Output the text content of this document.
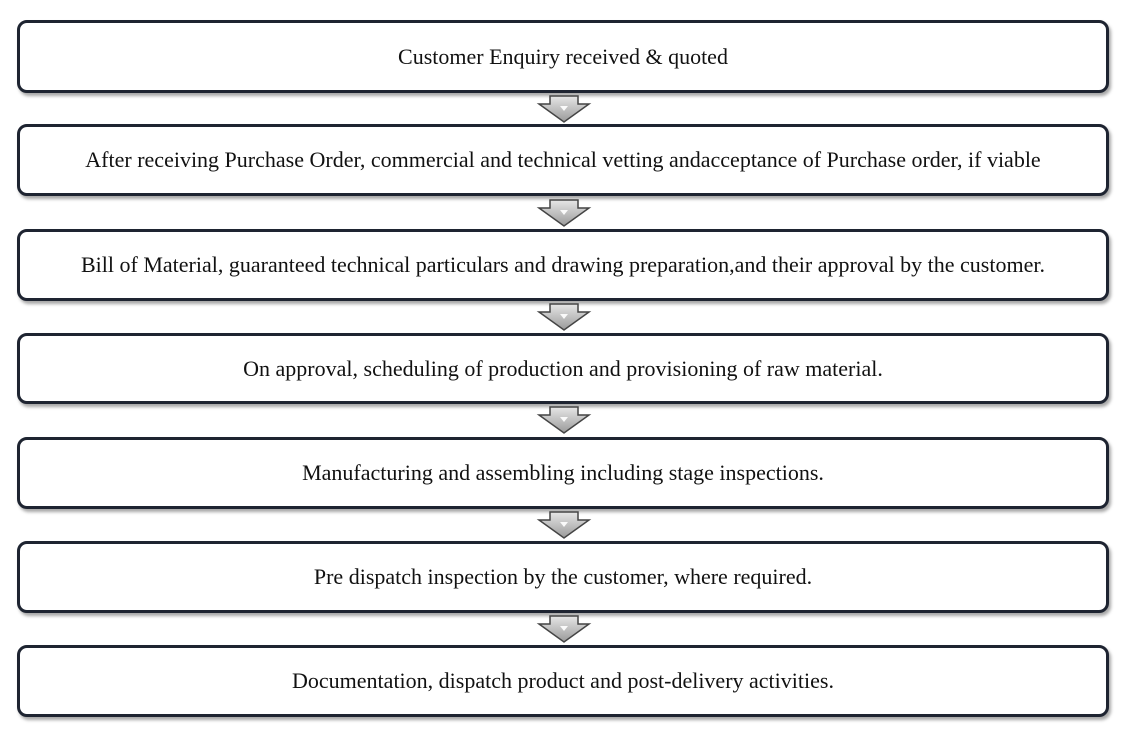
Customer Enquiry received & quoted
After receiving Purchase Order, commercial and technical vetting andacceptance of Purchase order, if viable
Bill of Material, guaranteed technical particulars and drawing preparation,and their approval by the customer.
On approval, scheduling of production and provisioning of raw material.
Manufacturing and assembling including stage inspections.
Pre dispatch inspection by the customer, where required.
Documentation, dispatch product and post-delivery activities.
